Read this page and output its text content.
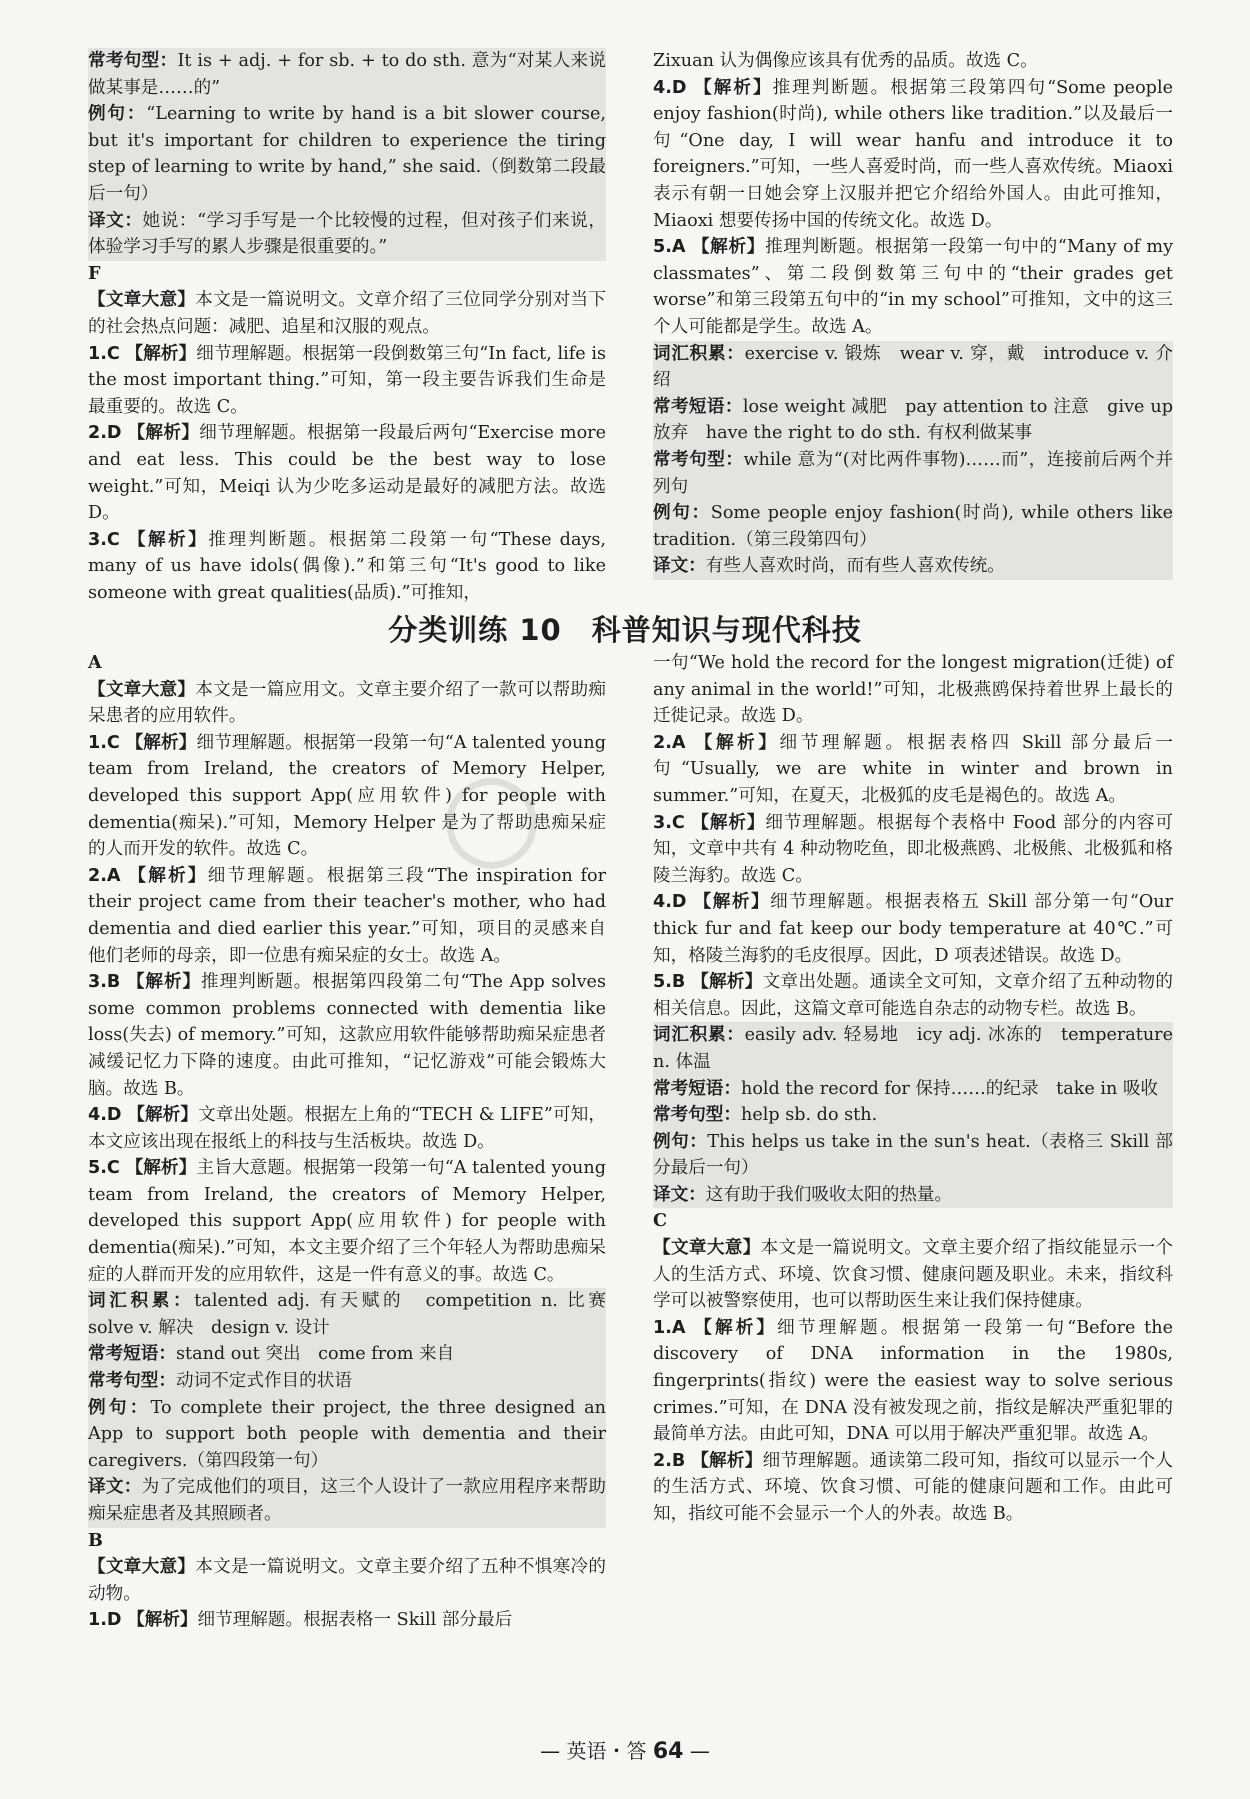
常考句型：It is + adj. + for sb. + to do sth. 意为“对某人来说做某事是……的”

例句：“Learning to write by hand is a bit slower course, but it's important for children to experience the tiring step of learning to write by hand,” she said.（倒数第二段最后一句）

译文：她说：“学习手写是一个比较慢的过程，但对孩子们来说，体验学习手写的累人步骤是很重要的。”

F

【文章大意】本文是一篇说明文。文章介绍了三位同学分别对当下的社会热点问题：减肥、追星和汉服的观点。

1.C 【解析】细节理解题。根据第一段倒数第三句“In fact, life is the most important thing.”可知，第一段主要告诉我们生命是最重要的。故选 C。

2.D 【解析】细节理解题。根据第一段最后两句“Exercise more and eat less. This could be the best way to lose weight.”可知，Meiqi 认为少吃多运动是最好的减肥方法。故选 D。

3.C 【解析】推理判断题。根据第二段第一句“These days, many of us have idols(偶像).”和第三句“It's good to like someone with great qualities(品质).”可推知，

Zixuan 认为偶像应该具有优秀的品质。故选 C。

4.D 【解析】推理判断题。根据第三段第四句“Some people enjoy fashion(时尚), while others like tradition.”以及最后一句“One day, I will wear hanfu and introduce it to foreigners.”可知，一些人喜爱时尚，而一些人喜欢传统。Miaoxi 表示有朝一日她会穿上汉服并把它介绍给外国人。由此可推知，Miaoxi 想要传扬中国的传统文化。故选 D。

5.A 【解析】推理判断题。根据第一段第一句中的“Many of my classmates”、第二段倒数第三句中的“their grades get worse”和第三段第五句中的“in my school”可推知，文中的这三个人可能都是学生。故选 A。

词汇积累：exercise v. 锻炼　wear v. 穿，戴　introduce v. 介绍

常考短语：lose weight 减肥　pay attention to 注意　give up 放弃　have the right to do sth. 有权利做某事

常考句型：while 意为“(对比两件事物)……而”，连接前后两个并列句

例句：Some people enjoy fashion(时尚), while others like tradition.（第三段第四句）

译文：有些人喜欢时尚，而有些人喜欢传统。

分类训练 10　科普知识与现代科技

A

【文章大意】本文是一篇应用文。文章主要介绍了一款可以帮助痴呆患者的应用软件。

1.C 【解析】细节理解题。根据第一段第一句“A talented young team from Ireland, the creators of Memory Helper, developed this support App(应用软件) for people with dementia(痴呆).”可知，Memory Helper 是为了帮助患痴呆症的人而开发的软件。故选 C。

2.A 【解析】细节理解题。根据第三段“The inspiration for their project came from their teacher's mother, who had dementia and died earlier this year.”可知，项目的灵感来自他们老师的母亲，即一位患有痴呆症的女士。故选 A。

3.B 【解析】推理判断题。根据第四段第二句“The App solves some common problems connected with dementia like loss(失去) of memory.”可知，这款应用软件能够帮助痴呆症患者减缓记忆力下降的速度。由此可推知，“记忆游戏”可能会锻炼大脑。故选 B。

4.D 【解析】文章出处题。根据左上角的“TECH & LIFE”可知，本文应该出现在报纸上的科技与生活板块。故选 D。

5.C 【解析】主旨大意题。根据第一段第一句“A talented young team from Ireland, the creators of Memory Helper, developed this support App(应用软件) for people with dementia(痴呆).”可知，本文主要介绍了三个年轻人为帮助患痴呆症的人群而开发的应用软件，这是一件有意义的事。故选 C。

词汇积累：talented adj. 有天赋的　competition n. 比赛　solve v. 解决　design v. 设计

常考短语：stand out 突出　come from 来自

常考句型：动词不定式作目的状语

例句：To complete their project, the three designed an App to support both people with dementia and their caregivers.（第四段第一句）

译文：为了完成他们的项目，这三个人设计了一款应用程序来帮助痴呆症患者及其照顾者。

B

【文章大意】本文是一篇说明文。文章主要介绍了五种不惧寒冷的动物。

1.D 【解析】细节理解题。根据表格一 Skill 部分最后

一句“We hold the record for the longest migration(迁徙) of any animal in the world!”可知，北极燕鸥保持着世界上最长的迁徙记录。故选 D。

2.A 【解析】细节理解题。根据表格四 Skill 部分最后一句“Usually, we are white in winter and brown in summer.”可知，在夏天，北极狐的皮毛是褐色的。故选 A。

3.C 【解析】细节理解题。根据每个表格中 Food 部分的内容可知，文章中共有 4 种动物吃鱼，即北极燕鸥、北极熊、北极狐和格陵兰海豹。故选 C。

4.D 【解析】细节理解题。根据表格五 Skill 部分第一句“Our thick fur and fat keep our body temperature at 40℃.”可知，格陵兰海豹的毛皮很厚。因此，D 项表述错误。故选 D。

5.B 【解析】文章出处题。通读全文可知，文章介绍了五种动物的相关信息。因此，这篇文章可能选自杂志的动物专栏。故选 B。

词汇积累：easily adv. 轻易地　icy adj. 冰冻的　temperature n. 体温

常考短语：hold the record for 保持……的纪录　take in 吸收

常考句型：help sb. do sth.

例句：This helps us take in the sun's heat.（表格三 Skill 部分最后一句）

译文：这有助于我们吸收太阳的热量。

C

【文章大意】本文是一篇说明文。文章主要介绍了指纹能显示一个人的生活方式、环境、饮食习惯、健康问题及职业。未来，指纹科学可以被警察使用，也可以帮助医生来让我们保持健康。

1.A 【解析】细节理解题。根据第一段第一句“Before the discovery of DNA information in the 1980s, fingerprints(指纹) were the easiest way to solve serious crimes.”可知，在 DNA 没有被发现之前，指纹是解决严重犯罪的最简单方法。由此可知，DNA 可以用于解决严重犯罪。故选 A。

2.B 【解析】细节理解题。通读第二段可知，指纹可以显示一个人的生活方式、环境、饮食习惯、可能的健康问题和工作。由此可知，指纹可能不会显示一个人的外表。故选 B。

— 英语・答 64 —
○
